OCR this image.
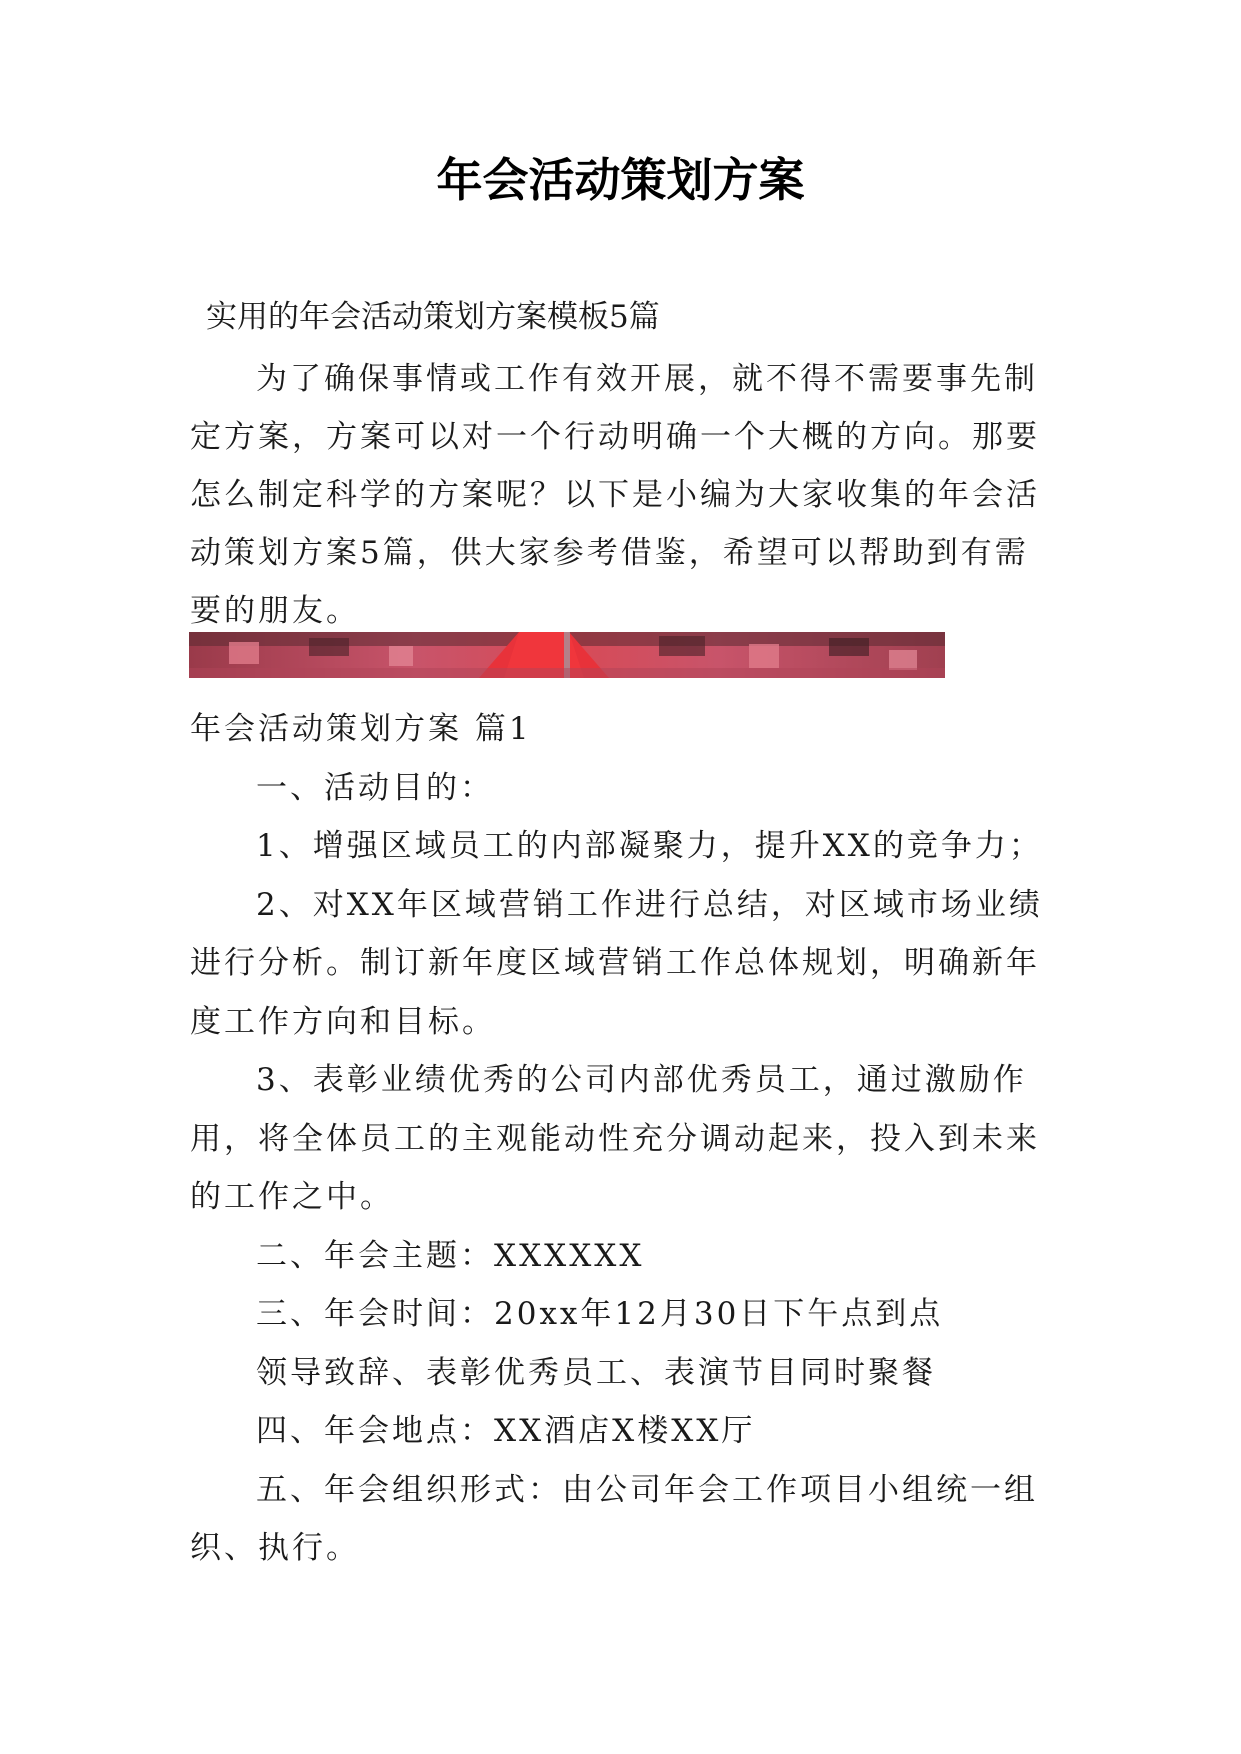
年会活动策划方案

实用的年会活动策划方案模板5篇

为了确保事情或工作有效开展，就不得不需要事先制定方案，方案可以对一个行动明确一个大概的方向。那要怎么制定科学的方案呢？以下是小编为大家收集的年会活动策划方案5篇，供大家参考借鉴，希望可以帮助到有需要的朋友。

年会活动策划方案 篇1

一、活动目的：

1、增强区域员工的内部凝聚力，提升XX的竞争力；

2、对XX年区域营销工作进行总结，对区域市场业绩进行分析。制订新年度区域营销工作总体规划，明确新年度工作方向和目标。

3、表彰业绩优秀的公司内部优秀员工，通过激励作用，将全体员工的主观能动性充分调动起来，投入到未来的工作之中。

二、年会主题：XXXXXX

三、年会时间：20xx年12月30日下午点到点

领导致辞、表彰优秀员工、表演节目同时聚餐

四、年会地点：XX酒店X楼XX厅

五、年会组织形式：由公司年会工作项目小组统一组织、执行。
